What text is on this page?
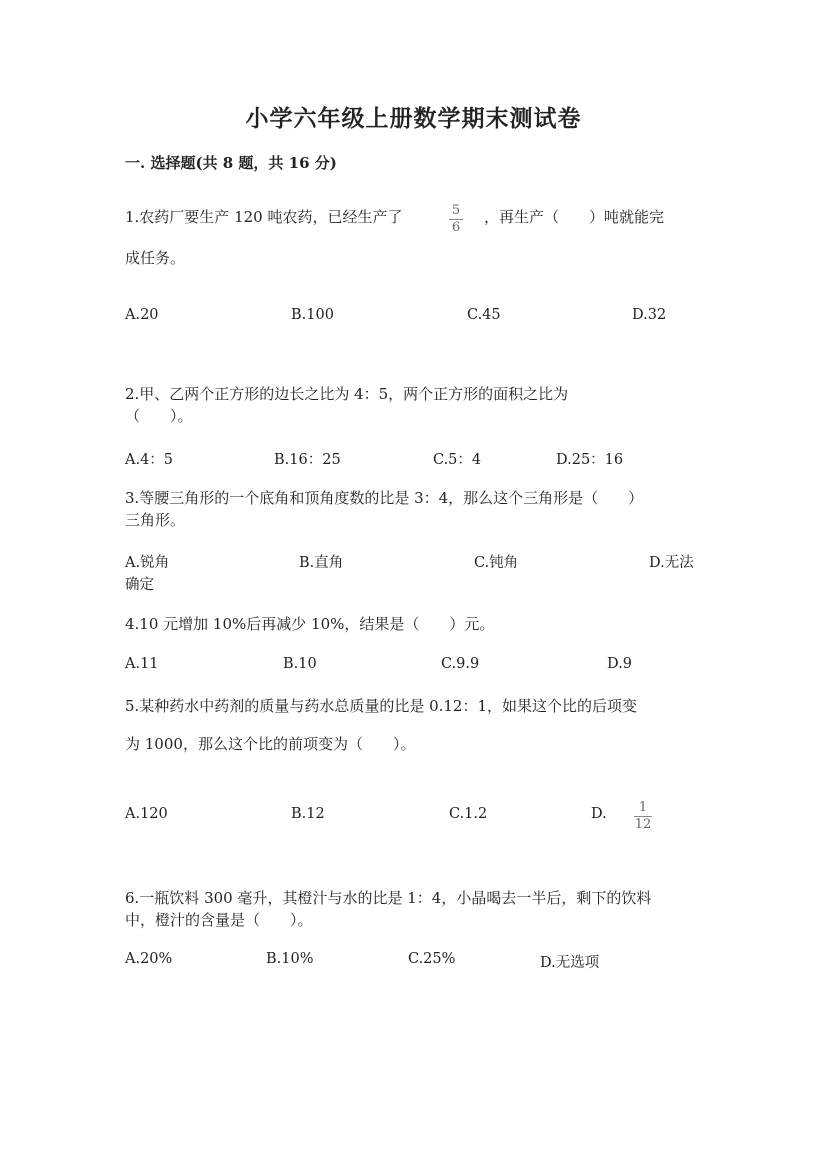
小学六年级上册数学期末测试卷
一. 选择题(共 8 题，共 16 分)
1.农药厂要生产 120 吨农药，已经生产了	5
6
，再生产（　　）吨就能完
成任务。
A.20	B.100	C.45	D.32
2.甲、乙两个正方形的边长之比为 4：5，两个正方形的面积之比为
（　　）。
A.4：5	B.16：25	C.5：4	D.25：16
3.等腰三角形的一个底角和顶角度数的比是 3：4，那么这个三角形是（　　）
三角形。
A.锐角	B.直角	C.钝角	D.无法
确定
4.10 元增加 10%后再减少 10%，结果是（　　）元。
A.11	B.10	C.9.9	D.9
5.某种药水中药剂的质量与药水总质量的比是 0.12：1，如果这个比的后项变
为 1000，那么这个比的前项变为（　　）。
A.120	B.12	C.1.2	D. 1
12
6.一瓶饮料 300 毫升，其橙汁与水的比是 1：4，小晶喝去一半后，剩下的饮料
中，橙汁的含量是（　　）。
A.20%	B.10%	C.25%	D.无选项
